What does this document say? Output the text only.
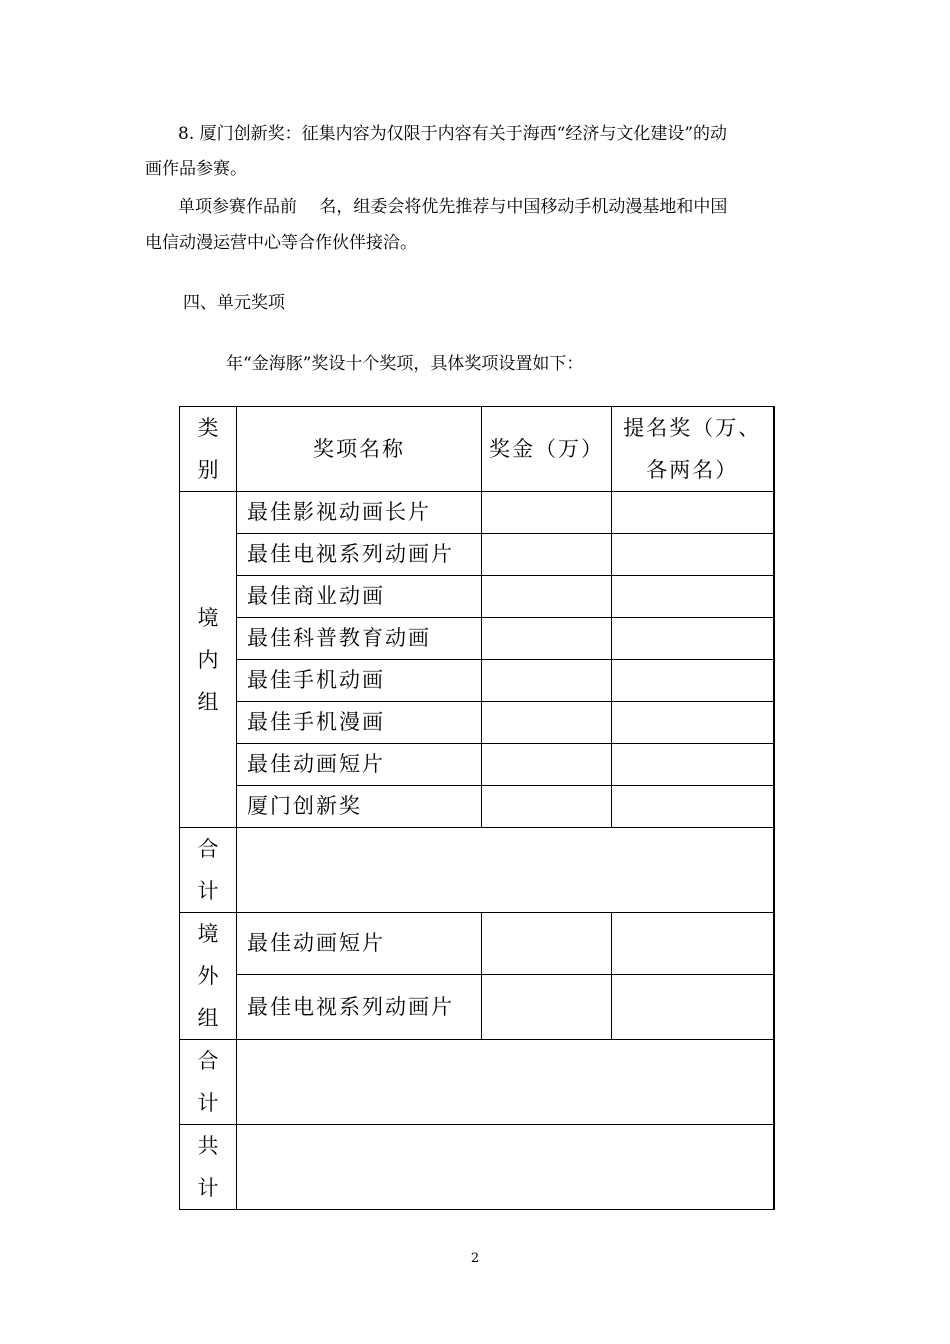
8. 厦门创新奖：征集内容为仅限于内容有关于海西“经济与文化建设”的动

画作品参赛。

单项参赛作品前　 名，组委会将优先推荐与中国移动手机动漫基地和中国

电信动漫运营中心等合作伙伴接洽。

四、单元奖项

年“金海豚”奖设十个奖项，具体奖项设置如下：

类
别	奖项名称	奖金（万）	提名奖（万、
各两名）

境
内
组	最佳影视动画长片		
	最佳电视系列动画片		
	最佳商业动画		
	最佳科普教育动画		
	最佳手机动画		
	最佳手机漫画		
	最佳动画短片		
	厦门创新奖		

合
计			

境
外
组	最佳动画短片		
	最佳电视系列动画片		

合
计			

共
计			

2
